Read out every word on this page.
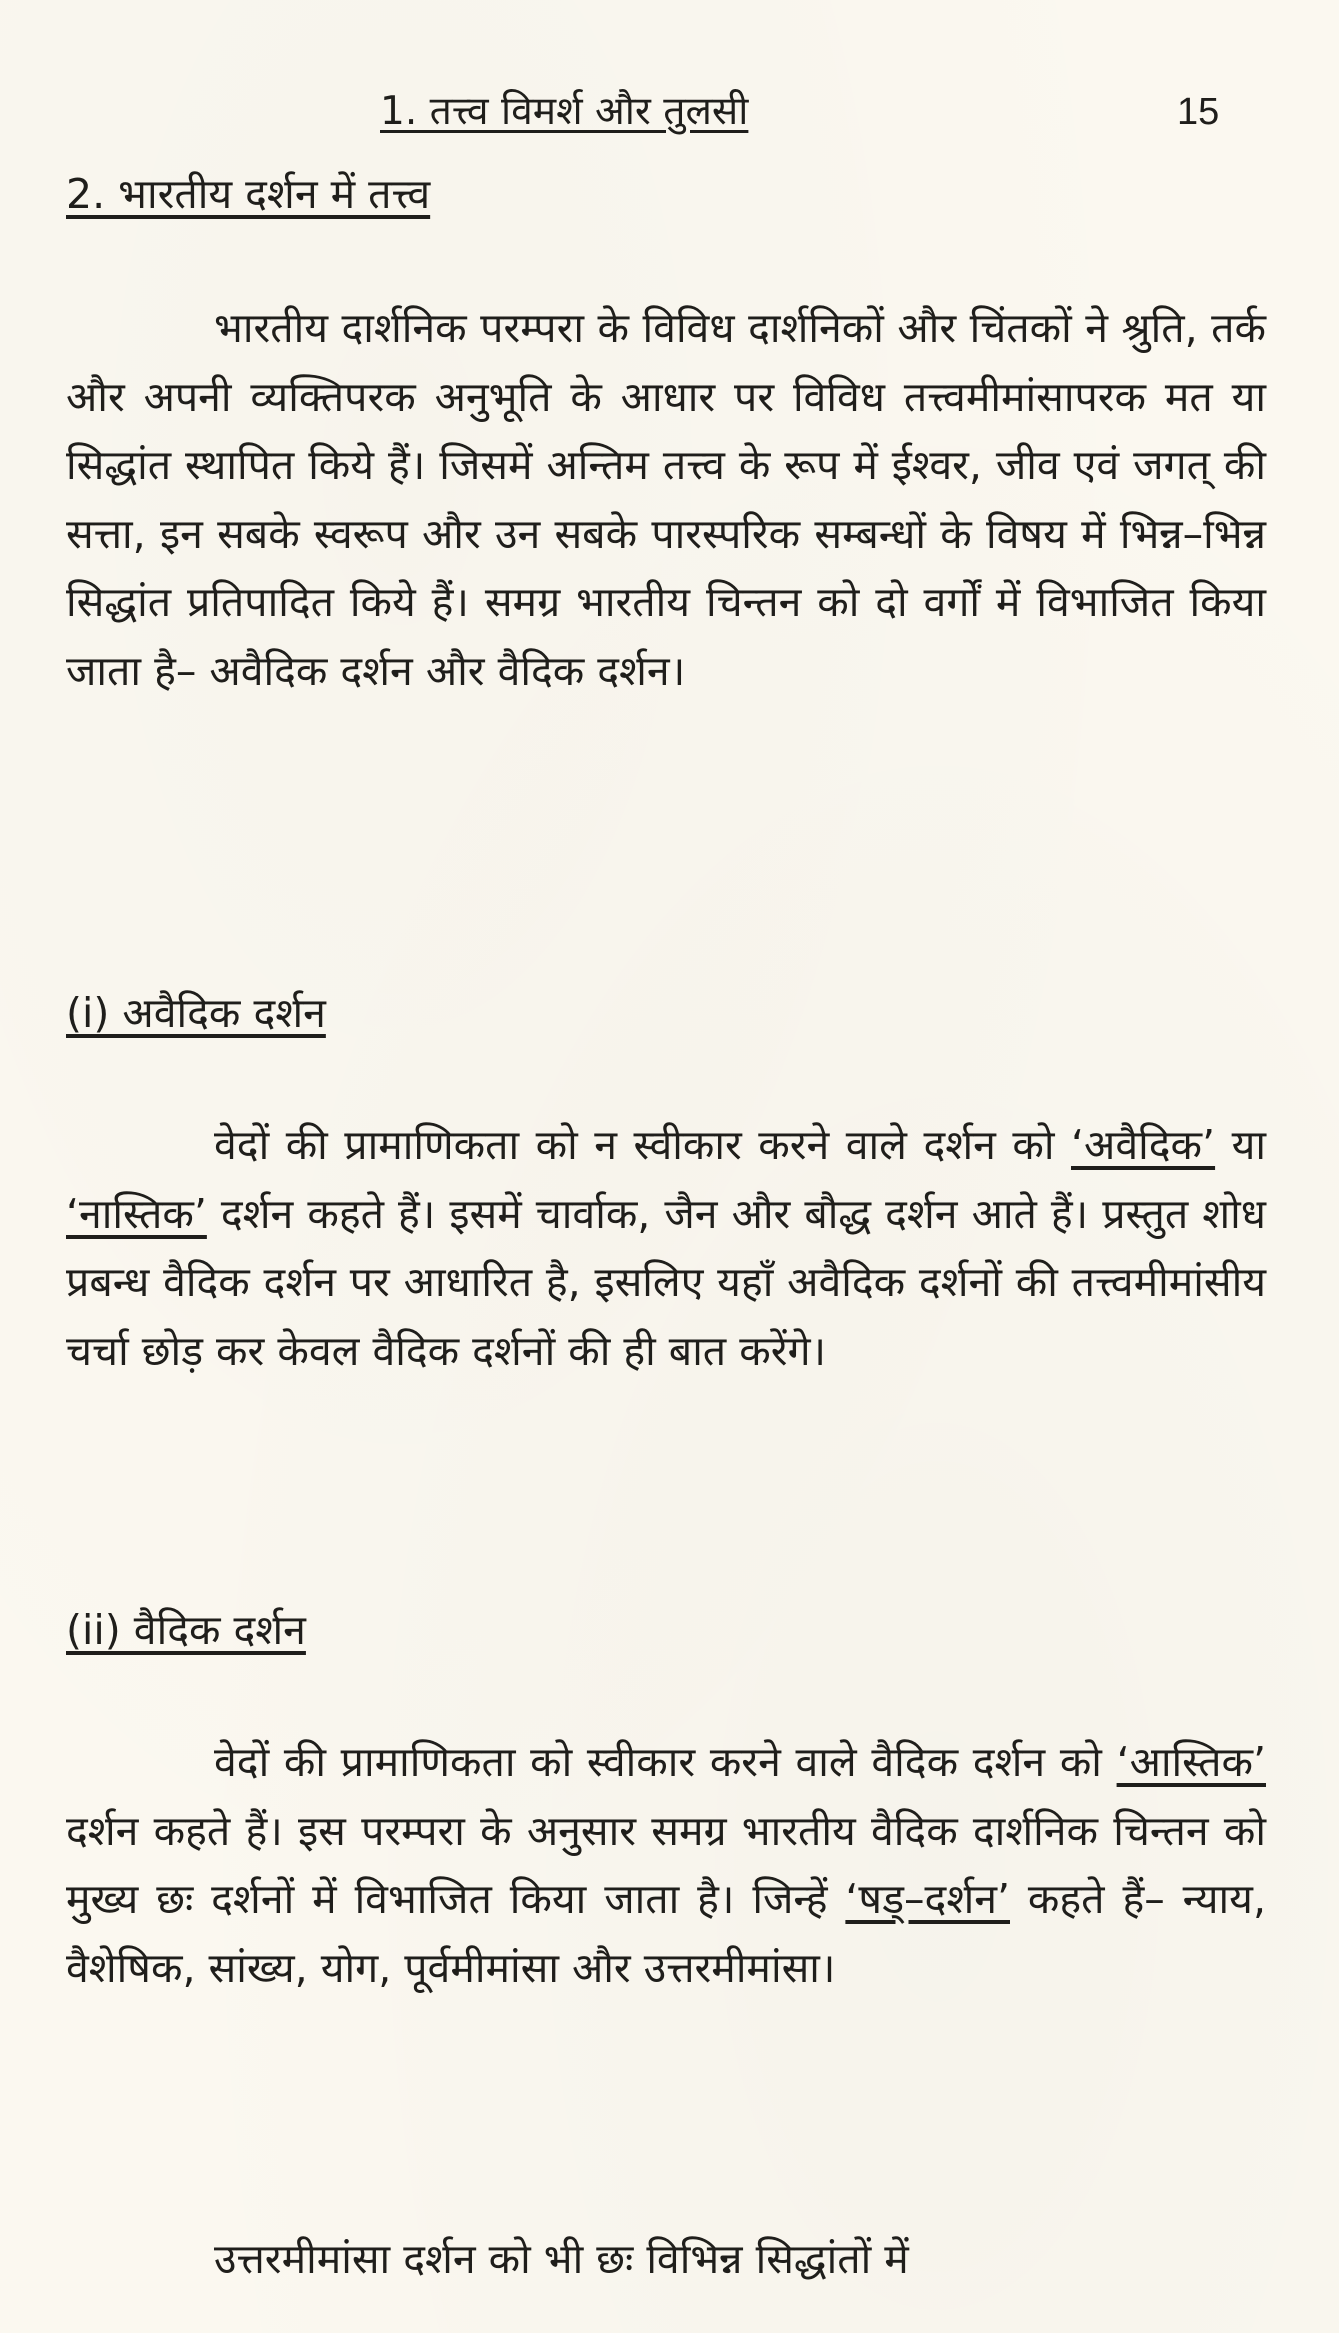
1. तत्त्व विमर्श और तुलसी	15
2. भारतीय दर्शन में तत्त्व

भारतीय दार्शनिक परम्परा के विविध दार्शनिकों और चिंतकों ने श्रुति, तर्क और अपनी व्यक्तिपरक अनुभूति के आधार पर विविध तत्त्वमीमांसापरक मत या सिद्धांत स्थापित किये हैं। जिसमें अन्तिम तत्त्व के रूप में ईश्वर, जीव एवं जगत् की सत्ता, इन सबके स्वरूप और उन सबके पारस्परिक सम्बन्धों के विषय में भिन्न–भिन्न सिद्धांत प्रतिपादित किये हैं। समग्र भारतीय चिन्तन को दो वर्गों में विभाजित किया जाता है– अवैदिक दर्शन और वैदिक दर्शन।

(i) अवैदिक दर्शन

वेदों की प्रामाणिकता को न स्वीकार करने वाले दर्शन को ‘अवैदिक’ या ‘नास्तिक’ दर्शन कहते हैं। इसमें चार्वाक, जैन और बौद्ध दर्शन आते हैं। प्रस्तुत शोध प्रबन्ध वैदिक दर्शन पर आधारित है, इसलिए यहाँ अवैदिक दर्शनों की तत्त्वमीमांसीय चर्चा छोड़ कर केवल वैदिक दर्शनों की ही बात करेंगे।

(ii) वैदिक दर्शन

वेदों की प्रामाणिकता को स्वीकार करने वाले वैदिक दर्शन को ‘आस्तिक’ दर्शन कहते हैं। इस परम्परा के अनुसार समग्र भारतीय वैदिक दार्शनिक चिन्तन को मुख्य छः दर्शनों में विभाजित किया जाता है। जिन्हें ‘षड्–दर्शन’ कहते हैं– न्याय, वैशेषिक, सांख्य, योग, पूर्वमीमांसा और उत्तरमीमांसा।

उत्तरमीमांसा दर्शन को भी छः विभिन्न सिद्धांतों में
